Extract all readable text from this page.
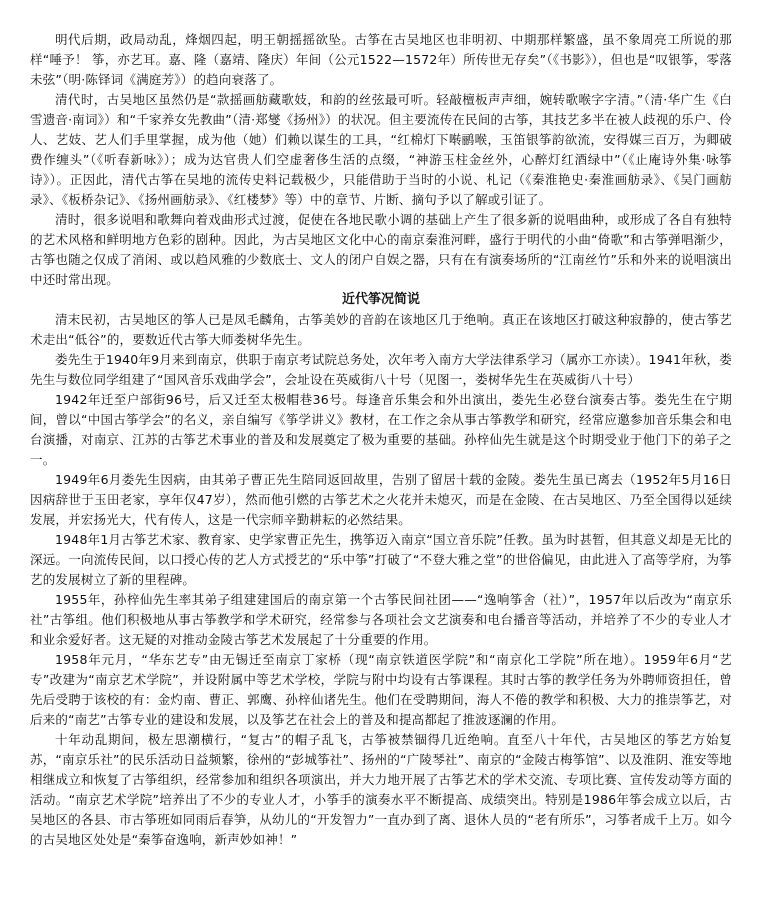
明代后期，政局动乱，烽烟四起，明王朝摇摇欲坠。古筝在古吴地区也非明初、中期那样繁盛，虽不象周亮工所说的那样“唾予！ 筝，亦艺耳。嘉、隆（嘉靖、隆庆）年间（公元1522—1572年）所传世无存矣”（《书影》），但也是“叹银筝，零落未弦”（明·陈铎词《满庭芳》）的趋向衰落了。

清代时，古吴地区虽然仍是“款摇画舫藏歌妓，和韵的丝弦最可听。轻敲檀板声声细，婉转歌喉字字清。”（清·华广生《白雪遗音·南词》）和“千家养女先教曲”（清·郑燮《扬州》）的状况。但主要流传在民间的古筝，其技艺多半在被人歧视的乐户、伶人、艺妓、艺人们手里掌握，成为他（她）们赖以谋生的工具，“红棉灯下啭鹂喉，玉笛银筝韵欲流，安得媒三百万，为卿破费作缠头”（《听春新咏》）；成为达官贵人们空虚奢侈生活的点缀，“神游玉柱金丝外，心醉灯红酒绿中”（《止庵诗外集·咏筝诗》）。正因此，清代古筝在吴地的流传史料记载极少，只能借助于当时的小说、札记（《秦淮艳史·秦淮画舫录》、《吴门画舫录》、《板桥杂记》、《扬州画舫录》、《红楼梦》等）中的章节、片断、摘句予以了解或引证了。

清时，很多说唱和歌舞向着戏曲形式过渡，促使在各地民歌小调的基础上产生了很多新的说唱曲种，或形成了各自有独特的艺术风格和鲜明地方色彩的剧种。因此，为古吴地区文化中心的南京秦淮河畔，盛行于明代的小曲“倚歌”和古筝弹唱渐少，古筝也随之仅成了消闲、或以趋风雅的少数底士、文人的闭户自娱之器，只有在有演奏场所的“江南丝竹”乐和外来的说唱演出中还时常出现。

近代筝况简说

清末民初，古吴地区的筝人已是凤毛麟角，古筝美妙的音韵在该地区几于绝响。真正在该地区打破这种寂静的，使古筝艺术走出“低谷”的，要数近代古筝大师娄树华先生。

娄先生于1940年9月来到南京，供职于南京考试院总务处，次年考入南方大学法律系学习（属亦工亦读）。1941年秋，娄先生与数位同学组建了“国风音乐戏曲学会”，会址设在英威街八十号（见图一，娄树华先生在英威街八十号）

1942年迁至户部街96号，后又迁至太极帽巷36号。每逢音乐集会和外出演出，娄先生必登台演奏古筝。娄先生在宁期间，曾以“中国古筝学会”的名义，亲自编写《筝学讲义》教材，在工作之余从事古筝教学和研究，经常应邀参加音乐集会和电台演播，对南京、江苏的古筝艺术事业的普及和发展奠定了极为重要的基础。孙梓仙先生就是这个时期受业于他门下的弟子之一。

1949年6月娄先生因病，由其弟子曹正先生陪同返回故里，告别了留居十载的金陵。娄先生虽已离去（1952年5月16日因病辞世于玉田老家，享年仅47岁），然而他引燃的古筝艺术之火花并未熄灭，而是在金陵、在古吴地区、乃至全国得以延续发展，并宏扬光大，代有传人，这是一代宗师辛勤耕耘的必然结果。

1948年1月古筝艺术家、教育家、史学家曹正先生，携筝迈入南京“国立音乐院”任教。虽为时甚暂，但其意义却是无比的深远。一向流传民间，以口授心传的艺人方式授艺的“乐中筝”打破了“不登大雅之堂”的世俗偏见，由此进入了高等学府，为筝艺的发展树立了新的里程碑。

1955年，孙梓仙先生率其弟子组建建国后的南京第一个古筝民间社团——“逸响筝舍（社）”，1957年以后改为“南京乐社”古筝组。他们积极地从事古筝教学和学术研究，经常参与各项社会文艺演奏和电台播音等活动，并培养了不少的专业人才和业余爱好者。这无疑的对推动金陵古筝艺术发展起了十分重要的作用。

1958年元月，“华东艺专”由无锡迁至南京丁家桥（现“南京铁道医学院”和“南京化工学院”所在地）。1959年6月“艺专”改建为“南京艺术学院”，并设附属中等艺术学校，学院与附中均设有古筝课程。其时古筝的教学任务为外聘师资担任，曾先后受聘于该校的有：金灼南、曹正、郭鹰、孙梓仙诸先生。他们在受聘期间，海人不倦的教学和积极、大力的推崇筝艺，对后来的“南艺”古筝专业的建设和发展，以及筝艺在社会上的普及和提高都起了推波逐澜的作用。

十年动乱期间，极左思潮横行，“复古”的帽子乱飞，古筝被禁锢得几近绝响。直至八十年代，古吴地区的筝艺方始复苏，“南京乐社”的民乐活动日益频繁，徐州的“彭城筝社”、扬州的“广陵琴社”、南京的“金陵古梅筝馆”、以及淮阴、淮安等地相继成立和恢复了古筝组织，经常参加和组织各项演出，并大力地开展了古筝艺术的学术交流、专项比赛、宣传发动等方面的活动。“南京艺术学院”培养出了不少的专业人才，小筝手的演奏水平不断提高、成绩突出。特别是1986年筝会成立以后，古吴地区的各县、市古筝班如同雨后春笋，从幼儿的“开发智力”一直办到了离、退休人员的“老有所乐”，习筝者成千上万。如今的古吴地区处处是“秦筝奋逸响，新声妙如神！”
